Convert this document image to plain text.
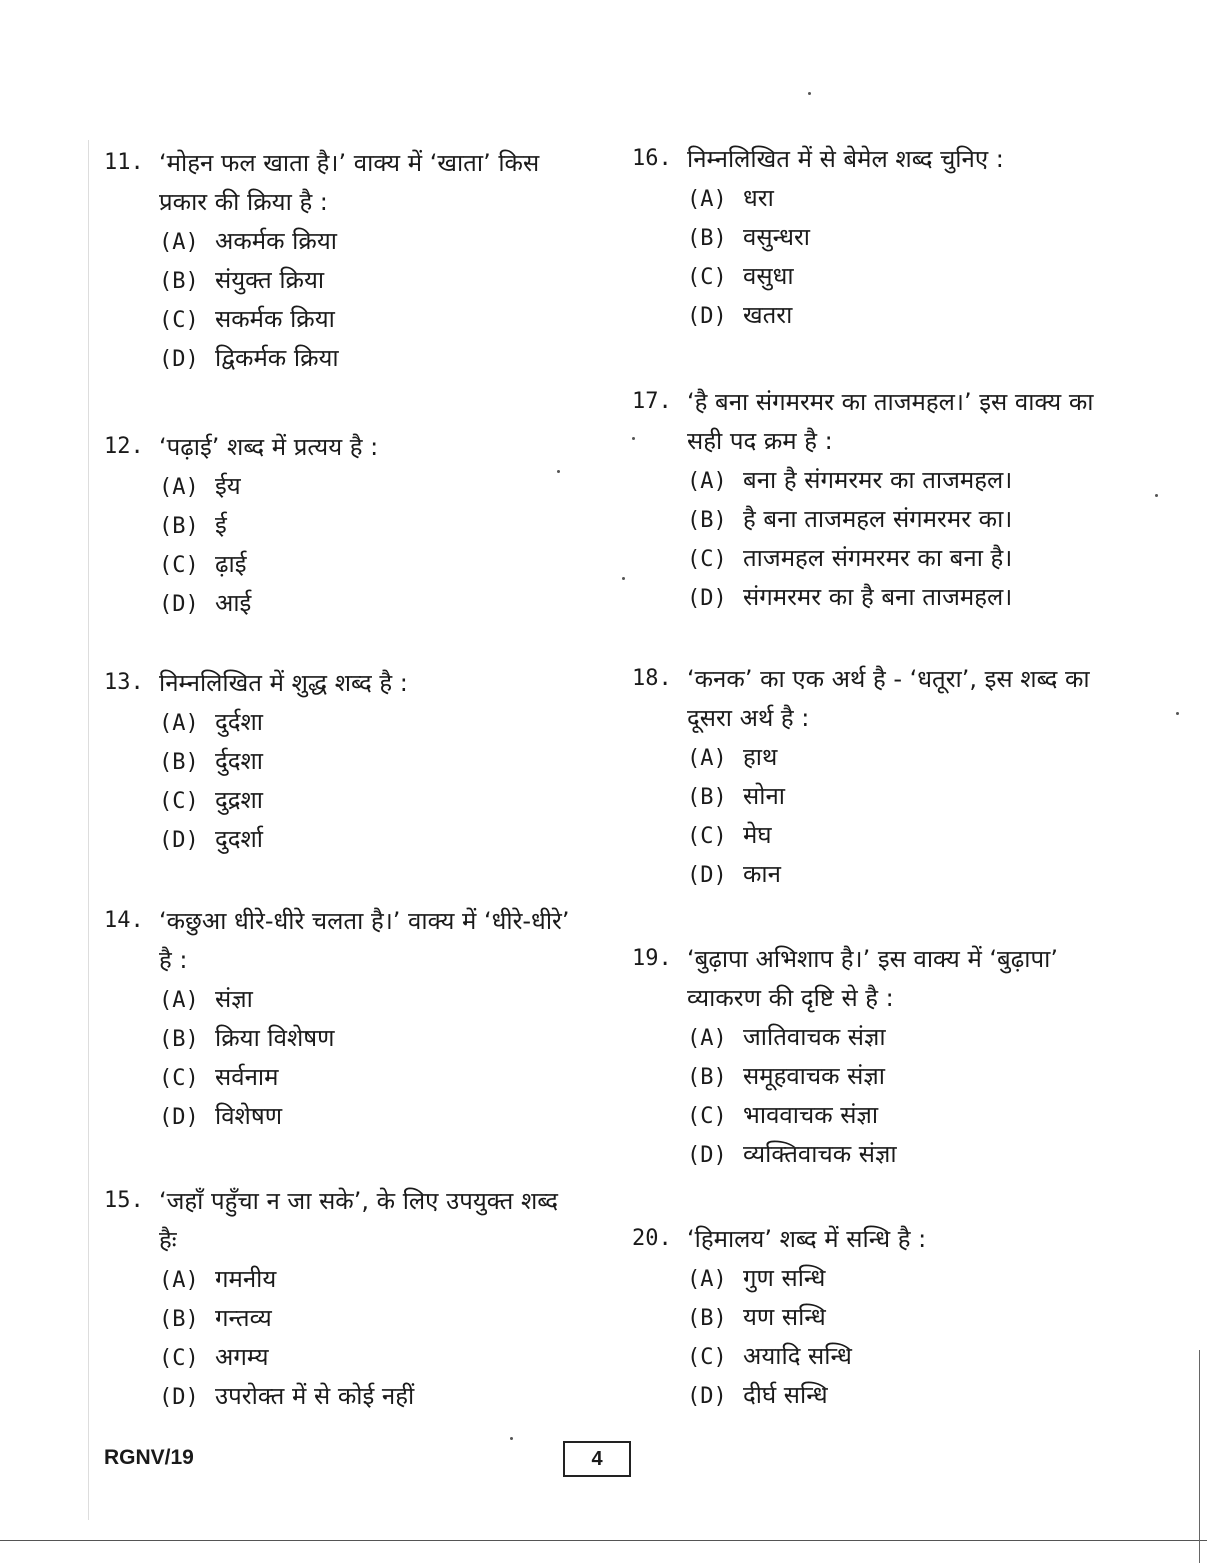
11. ‘मोहन फल खाता है।’ वाक्य में ‘खाता’ किस प्रकार की क्रिया है :
(A) अकर्मक क्रिया
(B) संयुक्त क्रिया
(C) सकर्मक क्रिया
(D) द्विकर्मक क्रिया
12. ‘पढ़ाई’ शब्द में प्रत्यय है :
(A) ईय
(B) ई
(C) ढ़ाई
(D) आई
13. निम्नलिखित में शुद्ध शब्द है :
(A) दुर्दशा
(B) र्दुदशा
(C) दुद्रशा
(D) दुदर्शा
14. ‘कछुआ धीरे-धीरे चलता है।’ वाक्य में ‘धीरे-धीरे’ है :
(A) संज्ञा
(B) क्रिया विशेषण
(C) सर्वनाम
(D) विशेषण
15. ‘जहाँ पहुँचा न जा सके’, के लिए उपयुक्त शब्द हैः
(A) गमनीय
(B) गन्तव्य
(C) अगम्य
(D) उपरोक्त में से कोई नहीं
16. निम्नलिखित में से बेमेल शब्द चुनिए :
(A) धरा
(B) वसुन्धरा
(C) वसुधा
(D) खतरा
17. ‘है बना संगमरमर का ताजमहल।’ इस वाक्य का सही पद क्रम है :
(A) बना है संगमरमर का ताजमहल।
(B) है बना ताजमहल संगमरमर का।
(C) ताजमहल संगमरमर का बना है।
(D) संगमरमर का है बना ताजमहल।
18. ‘कनक’ का एक अर्थ है - ‘धतूरा’, इस शब्द का दूसरा अर्थ है :
(A) हाथ
(B) सोना
(C) मेघ
(D) कान
19. ‘बुढ़ापा अभिशाप है।’ इस वाक्य में ‘बुढ़ापा’ व्याकरण की दृष्टि से है :
(A) जातिवाचक संज्ञा
(B) समूहवाचक संज्ञा
(C) भाववाचक संज्ञा
(D) व्यक्तिवाचक संज्ञा
20. ‘हिमालय’ शब्द में सन्धि है :
(A) गुण सन्धि
(B) यण सन्धि
(C) अयादि सन्धि
(D) दीर्घ सन्धि
RGNV/19	4
